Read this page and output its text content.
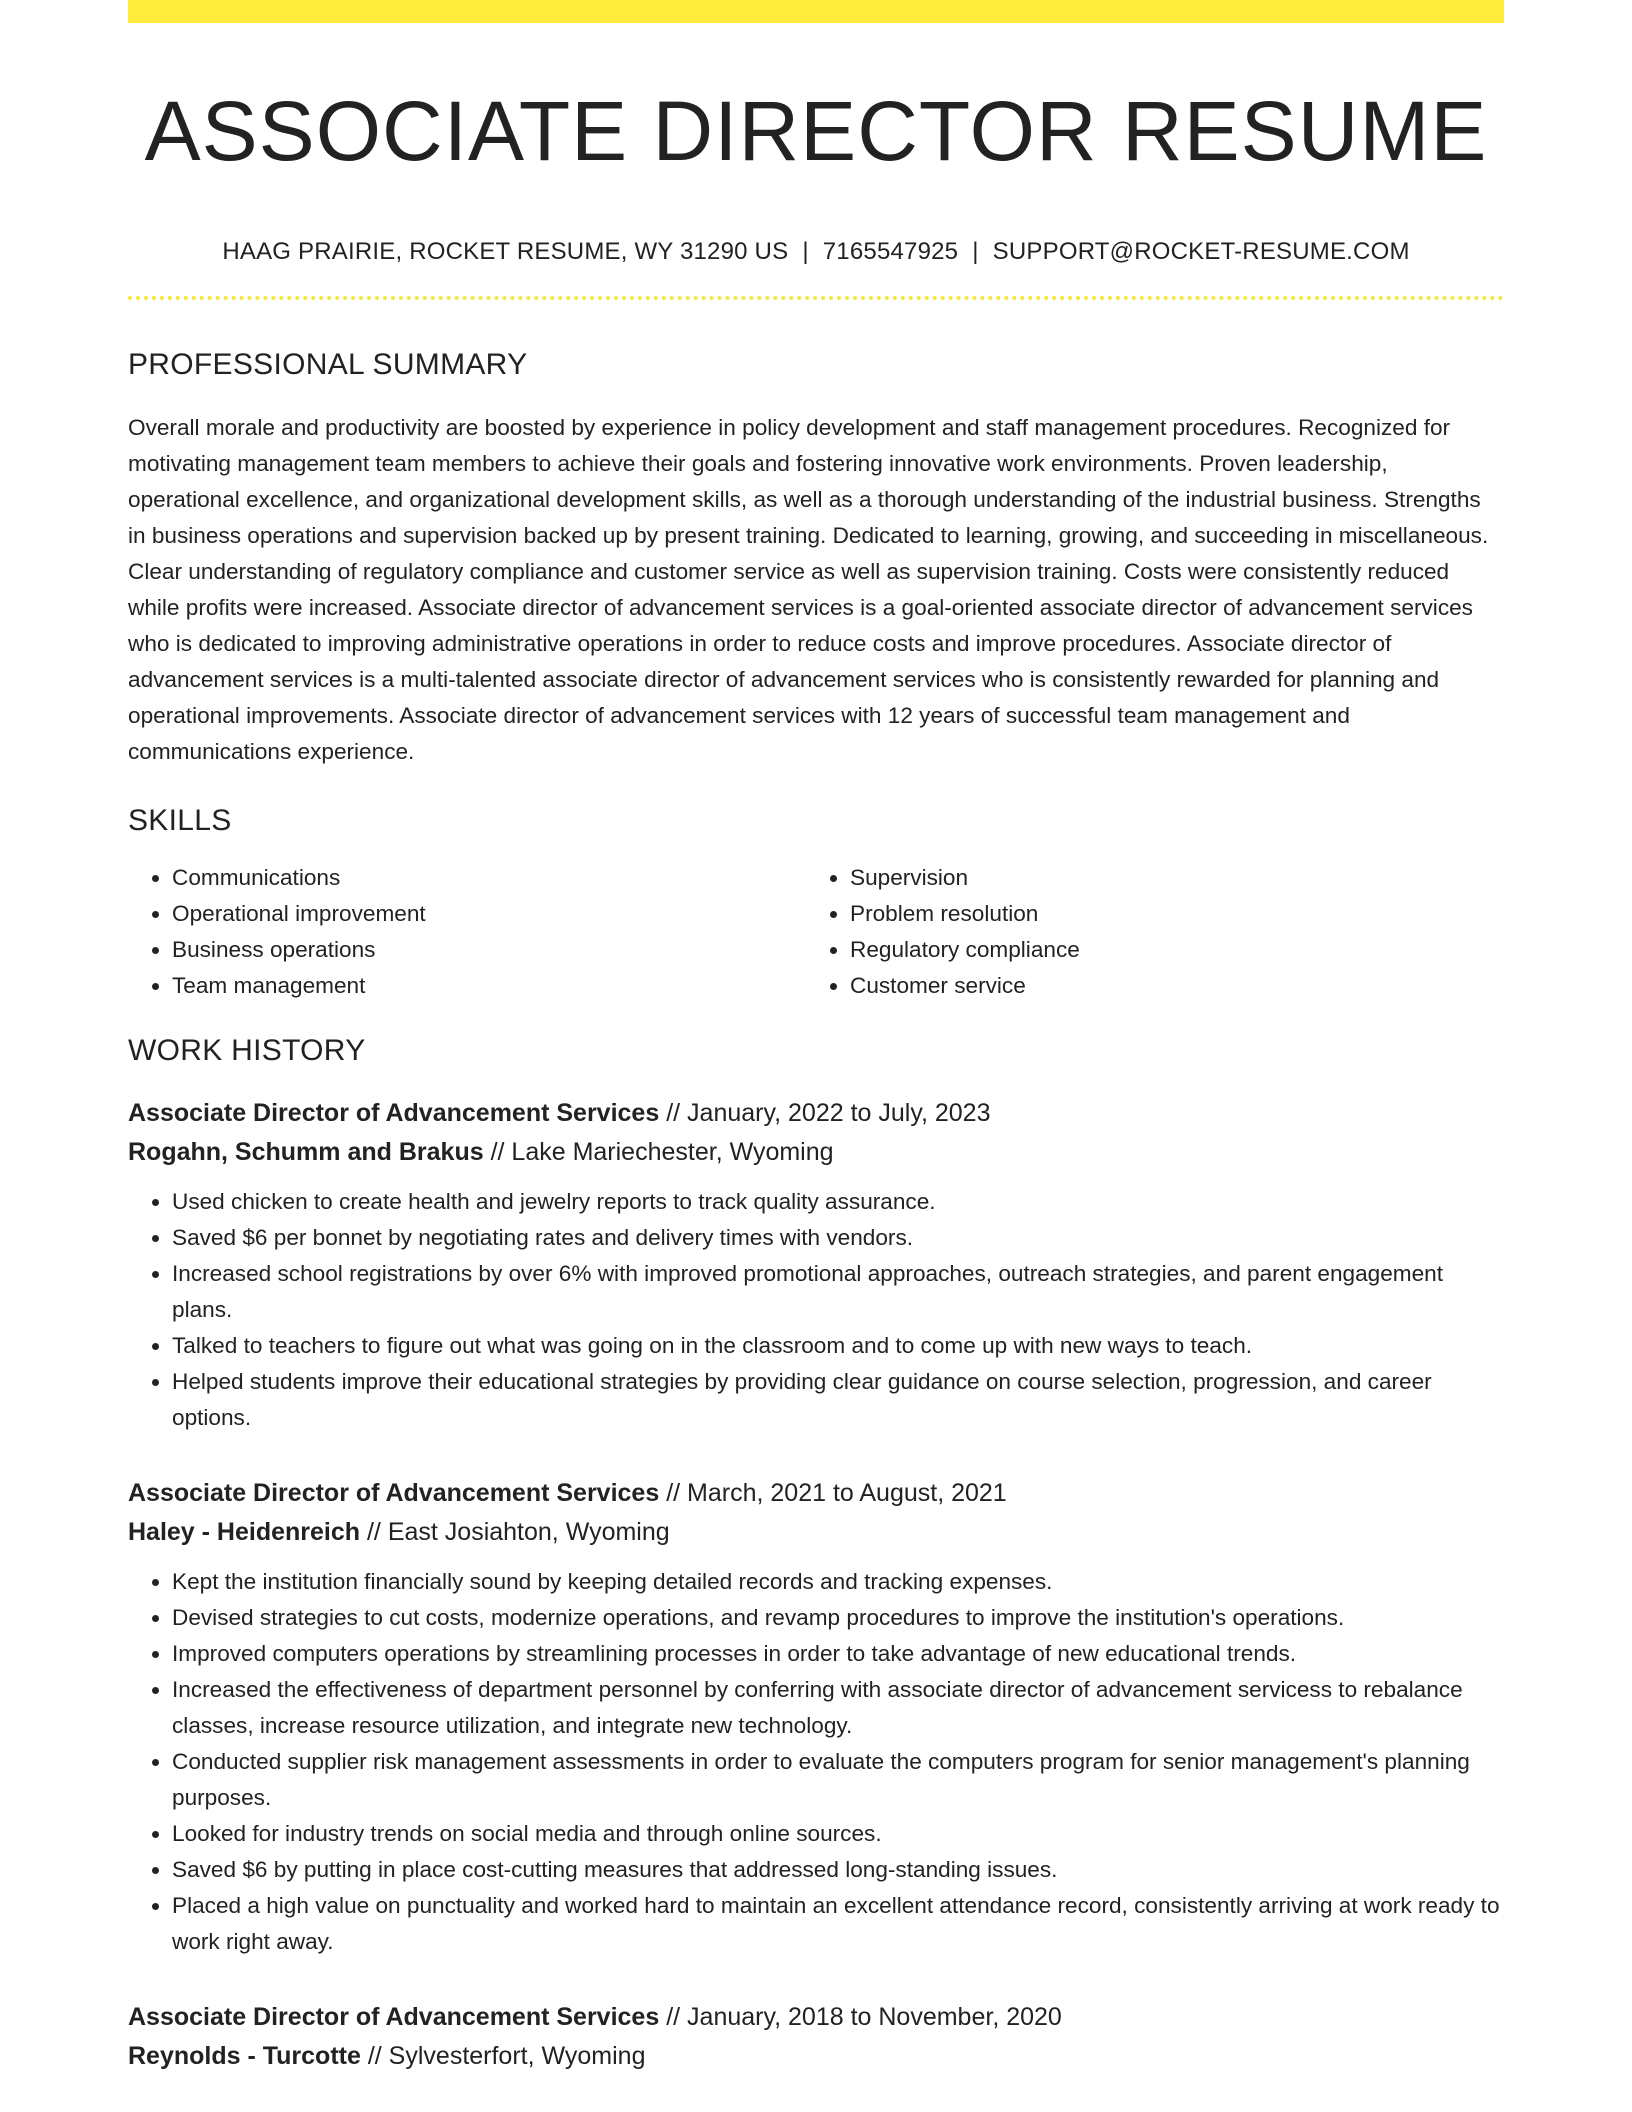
ASSOCIATE DIRECTOR RESUME
HAAG PRAIRIE, ROCKET RESUME, WY 31290 US | 7165547925 | SUPPORT@ROCKET-RESUME.COM
PROFESSIONAL SUMMARY

Overall morale and productivity are boosted by experience in policy development and staff management procedures. Recognized for motivating management team members to achieve their goals and fostering innovative work environments. Proven leadership, operational excellence, and organizational development skills, as well as a thorough understanding of the industrial business. Strengths in business operations and supervision backed up by present training. Dedicated to learning, growing, and succeeding in miscellaneous. Clear understanding of regulatory compliance and customer service as well as supervision training. Costs were consistently reduced while profits were increased. Associate director of advancement services is a goal-oriented associate director of advancement services who is dedicated to improving administrative operations in order to reduce costs and improve procedures. Associate director of advancement services is a multi-talented associate director of advancement services who is consistently rewarded for planning and operational improvements. Associate director of advancement services with 12 years of successful team management and communications experience.

SKILLS
• Communications
• Operational improvement
• Business operations
• Team management
• Supervision
• Problem resolution
• Regulatory compliance
• Customer service
WORK HISTORY
Associate Director of Advancement Services // January, 2022 to July, 2023
Rogahn, Schumm and Brakus // Lake Mariechester, Wyoming
• Used chicken to create health and jewelry reports to track quality assurance.
• Saved $6 per bonnet by negotiating rates and delivery times with vendors.
• Increased school registrations by over 6% with improved promotional approaches, outreach strategies, and parent engagement plans.
• Talked to teachers to figure out what was going on in the classroom and to come up with new ways to teach.
• Helped students improve their educational strategies by providing clear guidance on course selection, progression, and career options.
Associate Director of Advancement Services // March, 2021 to August, 2021
Haley - Heidenreich // East Josiahton, Wyoming
• Kept the institution financially sound by keeping detailed records and tracking expenses.
• Devised strategies to cut costs, modernize operations, and revamp procedures to improve the institution's operations.
• Improved computers operations by streamlining processes in order to take advantage of new educational trends.
• Increased the effectiveness of department personnel by conferring with associate director of advancement servicess to rebalance classes, increase resource utilization, and integrate new technology.
• Conducted supplier risk management assessments in order to evaluate the computers program for senior management's planning purposes.
• Looked for industry trends on social media and through online sources.
• Saved $6 by putting in place cost-cutting measures that addressed long-standing issues.
• Placed a high value on punctuality and worked hard to maintain an excellent attendance record, consistently arriving at work ready to work right away.
Associate Director of Advancement Services // January, 2018 to November, 2020
Reynolds - Turcotte // Sylvesterfort, Wyoming
